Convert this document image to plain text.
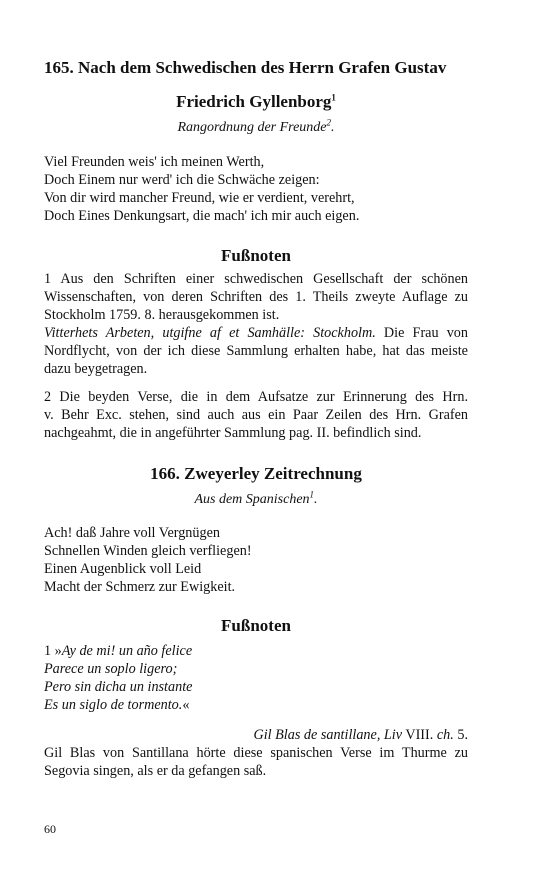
165. Nach dem Schwedischen des Herrn Grafen Gustav
Friedrich Gyllenborg$^1$
Rangordnung der Freunde$^2$.
Viel Freunden weis' ich meinen Werth,
Doch Einem nur werd' ich die Schwäche zeigen:
Von dir wird mancher Freund, wie er verdient, verehrt,
Doch Eines Denkungsart, die mach' ich mir auch eigen.
Fußnoten
1 Aus den Schriften einer schwedischen Gesellschaft der schönen
Wissenschaften, von deren Schriften des 1. Theils zweyte Auflage zu
Stockholm 1759. 8. herausgekommen ist.
Vitterhets Arbeten, utgifne af et Samhälle: Stockholm. Die Frau von
Nordflycht, von der ich diese Sammlung erhalten habe, hat das meiste
dazu beygetragen.
2 Die beyden Verse, die in dem Aufsatze zur Erinnerung des Hrn.
v. Behr Exc. stehen, sind auch aus ein Paar Zeilen des Hrn. Grafen
nachgeahmt, die in angeführter Sammlung pag. II. befindlich sind.
166. Zweyerley Zeitrechnung
Aus dem Spanischen$^1$.
Ach! daß Jahre voll Vergnügen
Schnellen Winden gleich verfliegen!
Einen Augenblick voll Leid
Macht der Schmerz zur Ewigkeit.
Fußnoten
1 »Ay de mi! un año felice
Parece un soplo ligero;
Pero sin dicha un instante
Es un siglo de tormento.«
Gil Blas de santillane, Liv VIII. ch. 5.
Gil Blas von Santillana hörte diese spanischen Verse im Thurme zu
Segovia singen, als er da gefangen saß.
60
